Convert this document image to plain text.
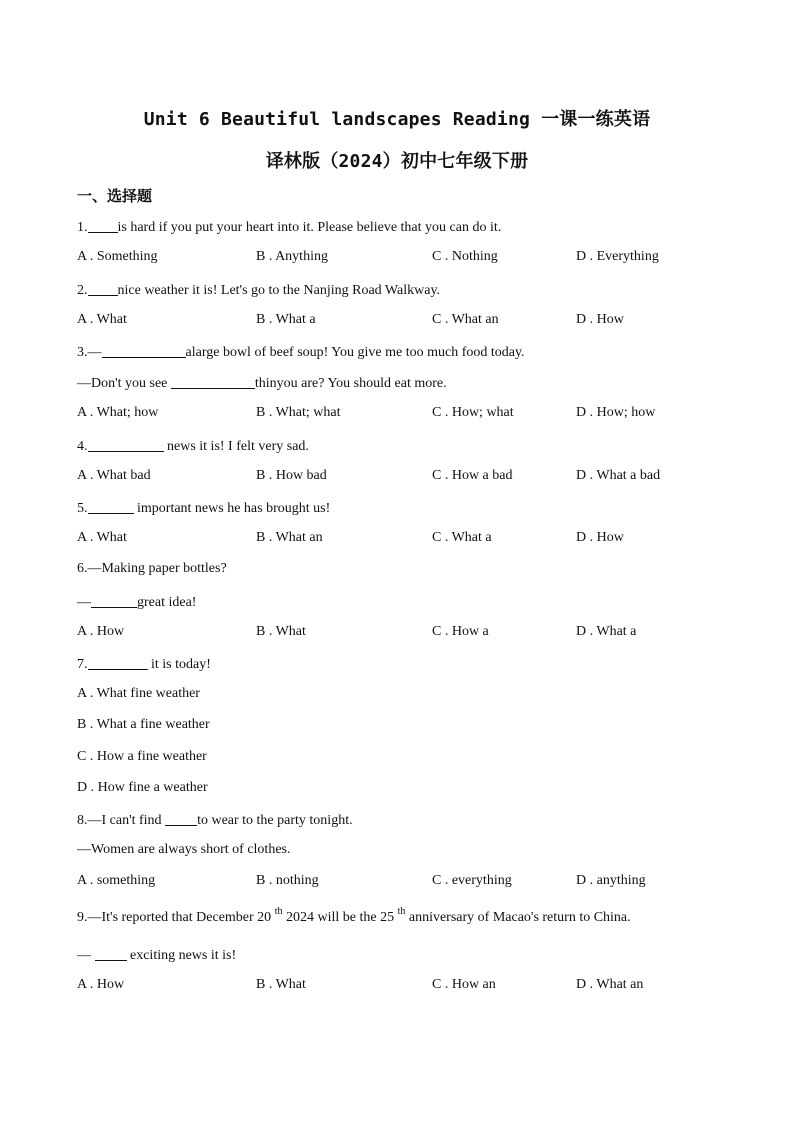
Unit 6 Beautiful landscapes Reading 一课一练英语
译林版（2024）初中七年级下册
一、选择题
1. is hard if you put your heart into it. Please believe that you can do it.
A . Something	B . Anything	C . Nothing	D . Everything
2. nice weather it is! Let's go to the Nanjing Road Walkway.
A . What	B . What a	C . What an	D . How
3.—	alarge bowl of beef soup! You give me too much food today.
—Don't you see	thinyou are? You should eat more.
A . What; how	B . What; what	C . How; what	D . How; how
4.	news it is! I felt very sad.
A . What bad	B . How bad	C . How a bad	D . What a bad
5.	important news he has brought us!
A . What	B . What an	C . What a	D . How
6.—Making paper bottles?
—	great idea!
A . How	B . What	C . How a	D . What a
7.	it is today!
A . What fine weather
B . What a fine weather
C . How a fine weather
D . How fine a weather
8.—I can't find to wear to the party tonight.
—Women are always short of clothes.
A . something	B . nothing	C . everything	D . anything
9.—It's reported that December 20 $^{th}$ 2024 will be the 25 $^{th}$ anniversary of Macao's return to China.
—  exciting news it is!
A . How	B . What	C . How an	D . What an
